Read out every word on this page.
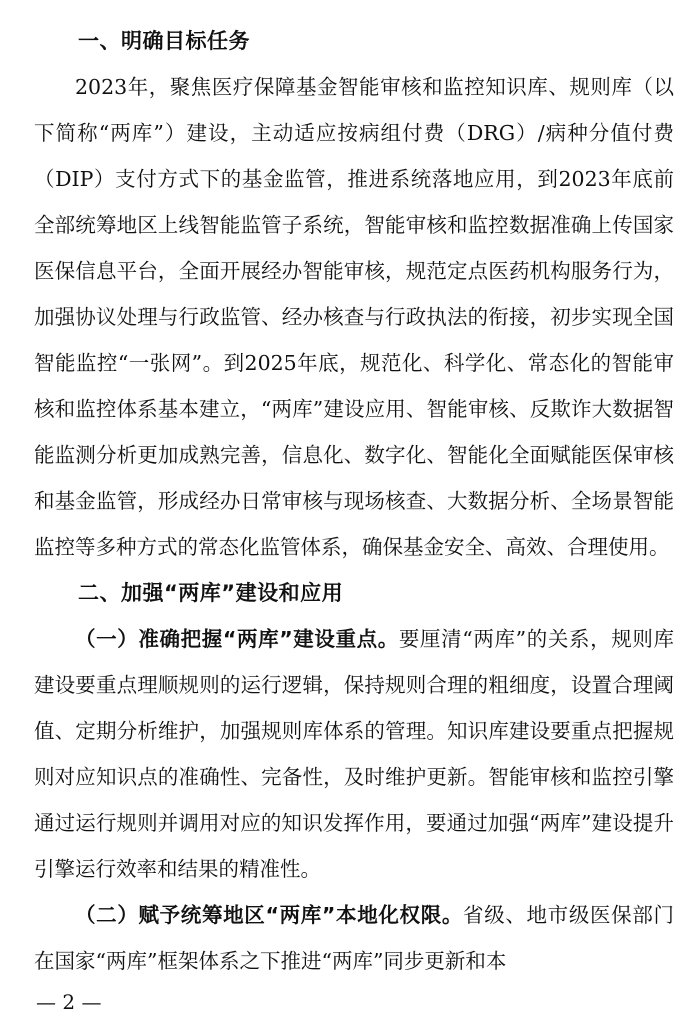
一、明确目标任务

2023年，聚焦医疗保障基金智能审核和监控知识库、规则库（以下简称“两库”）建设，主动适应按病组付费（DRG）/病种分值付费（DIP）支付方式下的基金监管，推进系统落地应用，到2023年底前全部统筹地区上线智能监管子系统，智能审核和监控数据准确上传国家医保信息平台，全面开展经办智能审核，规范定点医药机构服务行为，加强协议处理与行政监管、经办核查与行政执法的衔接，初步实现全国智能监控“一张网”。到2025年底，规范化、科学化、常态化的智能审核和监控体系基本建立，“两库”建设应用、智能审核、反欺诈大数据智能监测分析更加成熟完善，信息化、数字化、智能化全面赋能医保审核和基金监管，形成经办日常审核与现场核查、大数据分析、全场景智能监控等多种方式的常态化监管体系，确保基金安全、高效、合理使用。

二、加强“两库”建设和应用

（一）准确把握“两库”建设重点。要厘清“两库”的关系，规则库建设要重点理顺规则的运行逻辑，保持规则合理的粗细度，设置合理阈值、定期分析维护，加强规则库体系的管理。知识库建设要重点把握规则对应知识点的准确性、完备性，及时维护更新。智能审核和监控引擎通过运行规则并调用对应的知识发挥作用，要通过加强“两库”建设提升引擎运行效率和结果的精准性。

（二）赋予统筹地区“两库”本地化权限。省级、地市级医保部门在国家“两库”框架体系之下推进“两库”同步更新和本

— 2 —
